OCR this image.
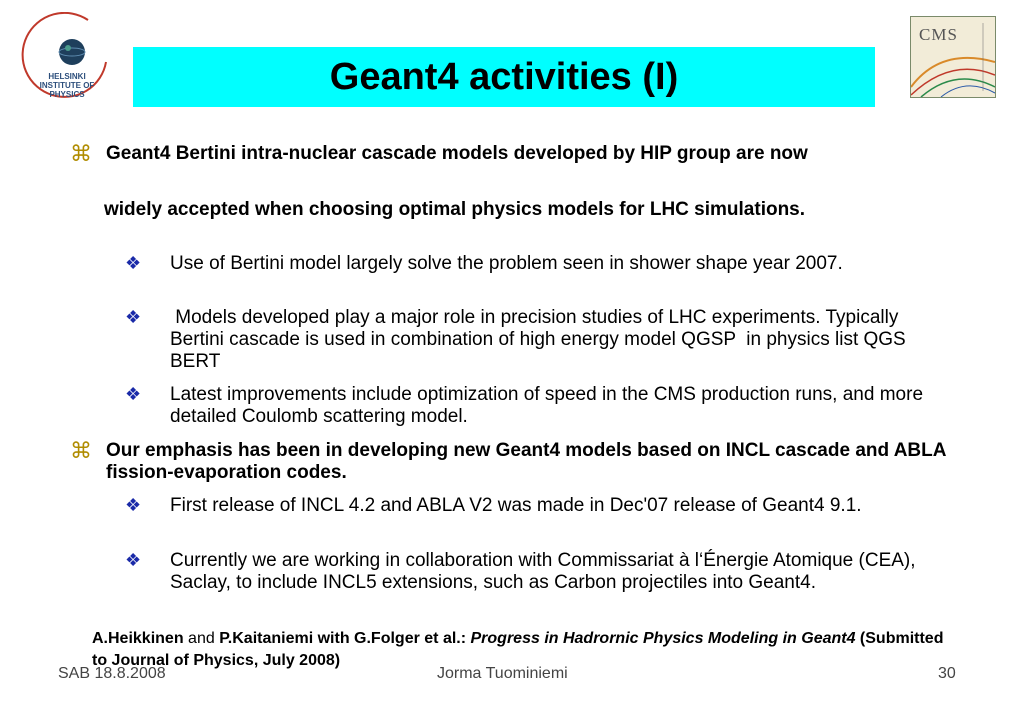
HELSINKI INSTITUTE OF PHYSICS	Geant4 activities (I)
CMS
⌘ Geant4 Bertini intra-nuclear cascade models developed by HIP group are now
widely accepted when choosing optimal physics models for LHC simulations.
❖ Use of Bertini model largely solve the problem seen in shower shape year 2007.
❖ Models developed play a major role in precision studies of LHC experiments. Typically Bertini cascade is used in combination of high energy model QGSP  in physics list QGS BERT
❖ Latest improvements include optimization of speed in the CMS production runs, and more detailed Coulomb scattering model.
⌘ Our emphasis has been in developing new Geant4 models based on INCL cascade and ABLA fission-evaporation codes.
❖ First release of INCL 4.2 and ABLA V2 was made in Dec'07 release of Geant4 9.1.
❖ Currently we are working in collaboration with Commissariat à l‘Énergie Atomique (CEA), Saclay, to include INCL5 extensions, such as Carbon projectiles into Geant4.
A.Heikkinen and P.Kaitaniemi with G.Folger et al.: Progress in Hadrornic Physics Modeling in Geant4 (Submitted to Journal of Physics, July 2008)
SAB 18.8.2008	Jorma Tuominiemi	30
